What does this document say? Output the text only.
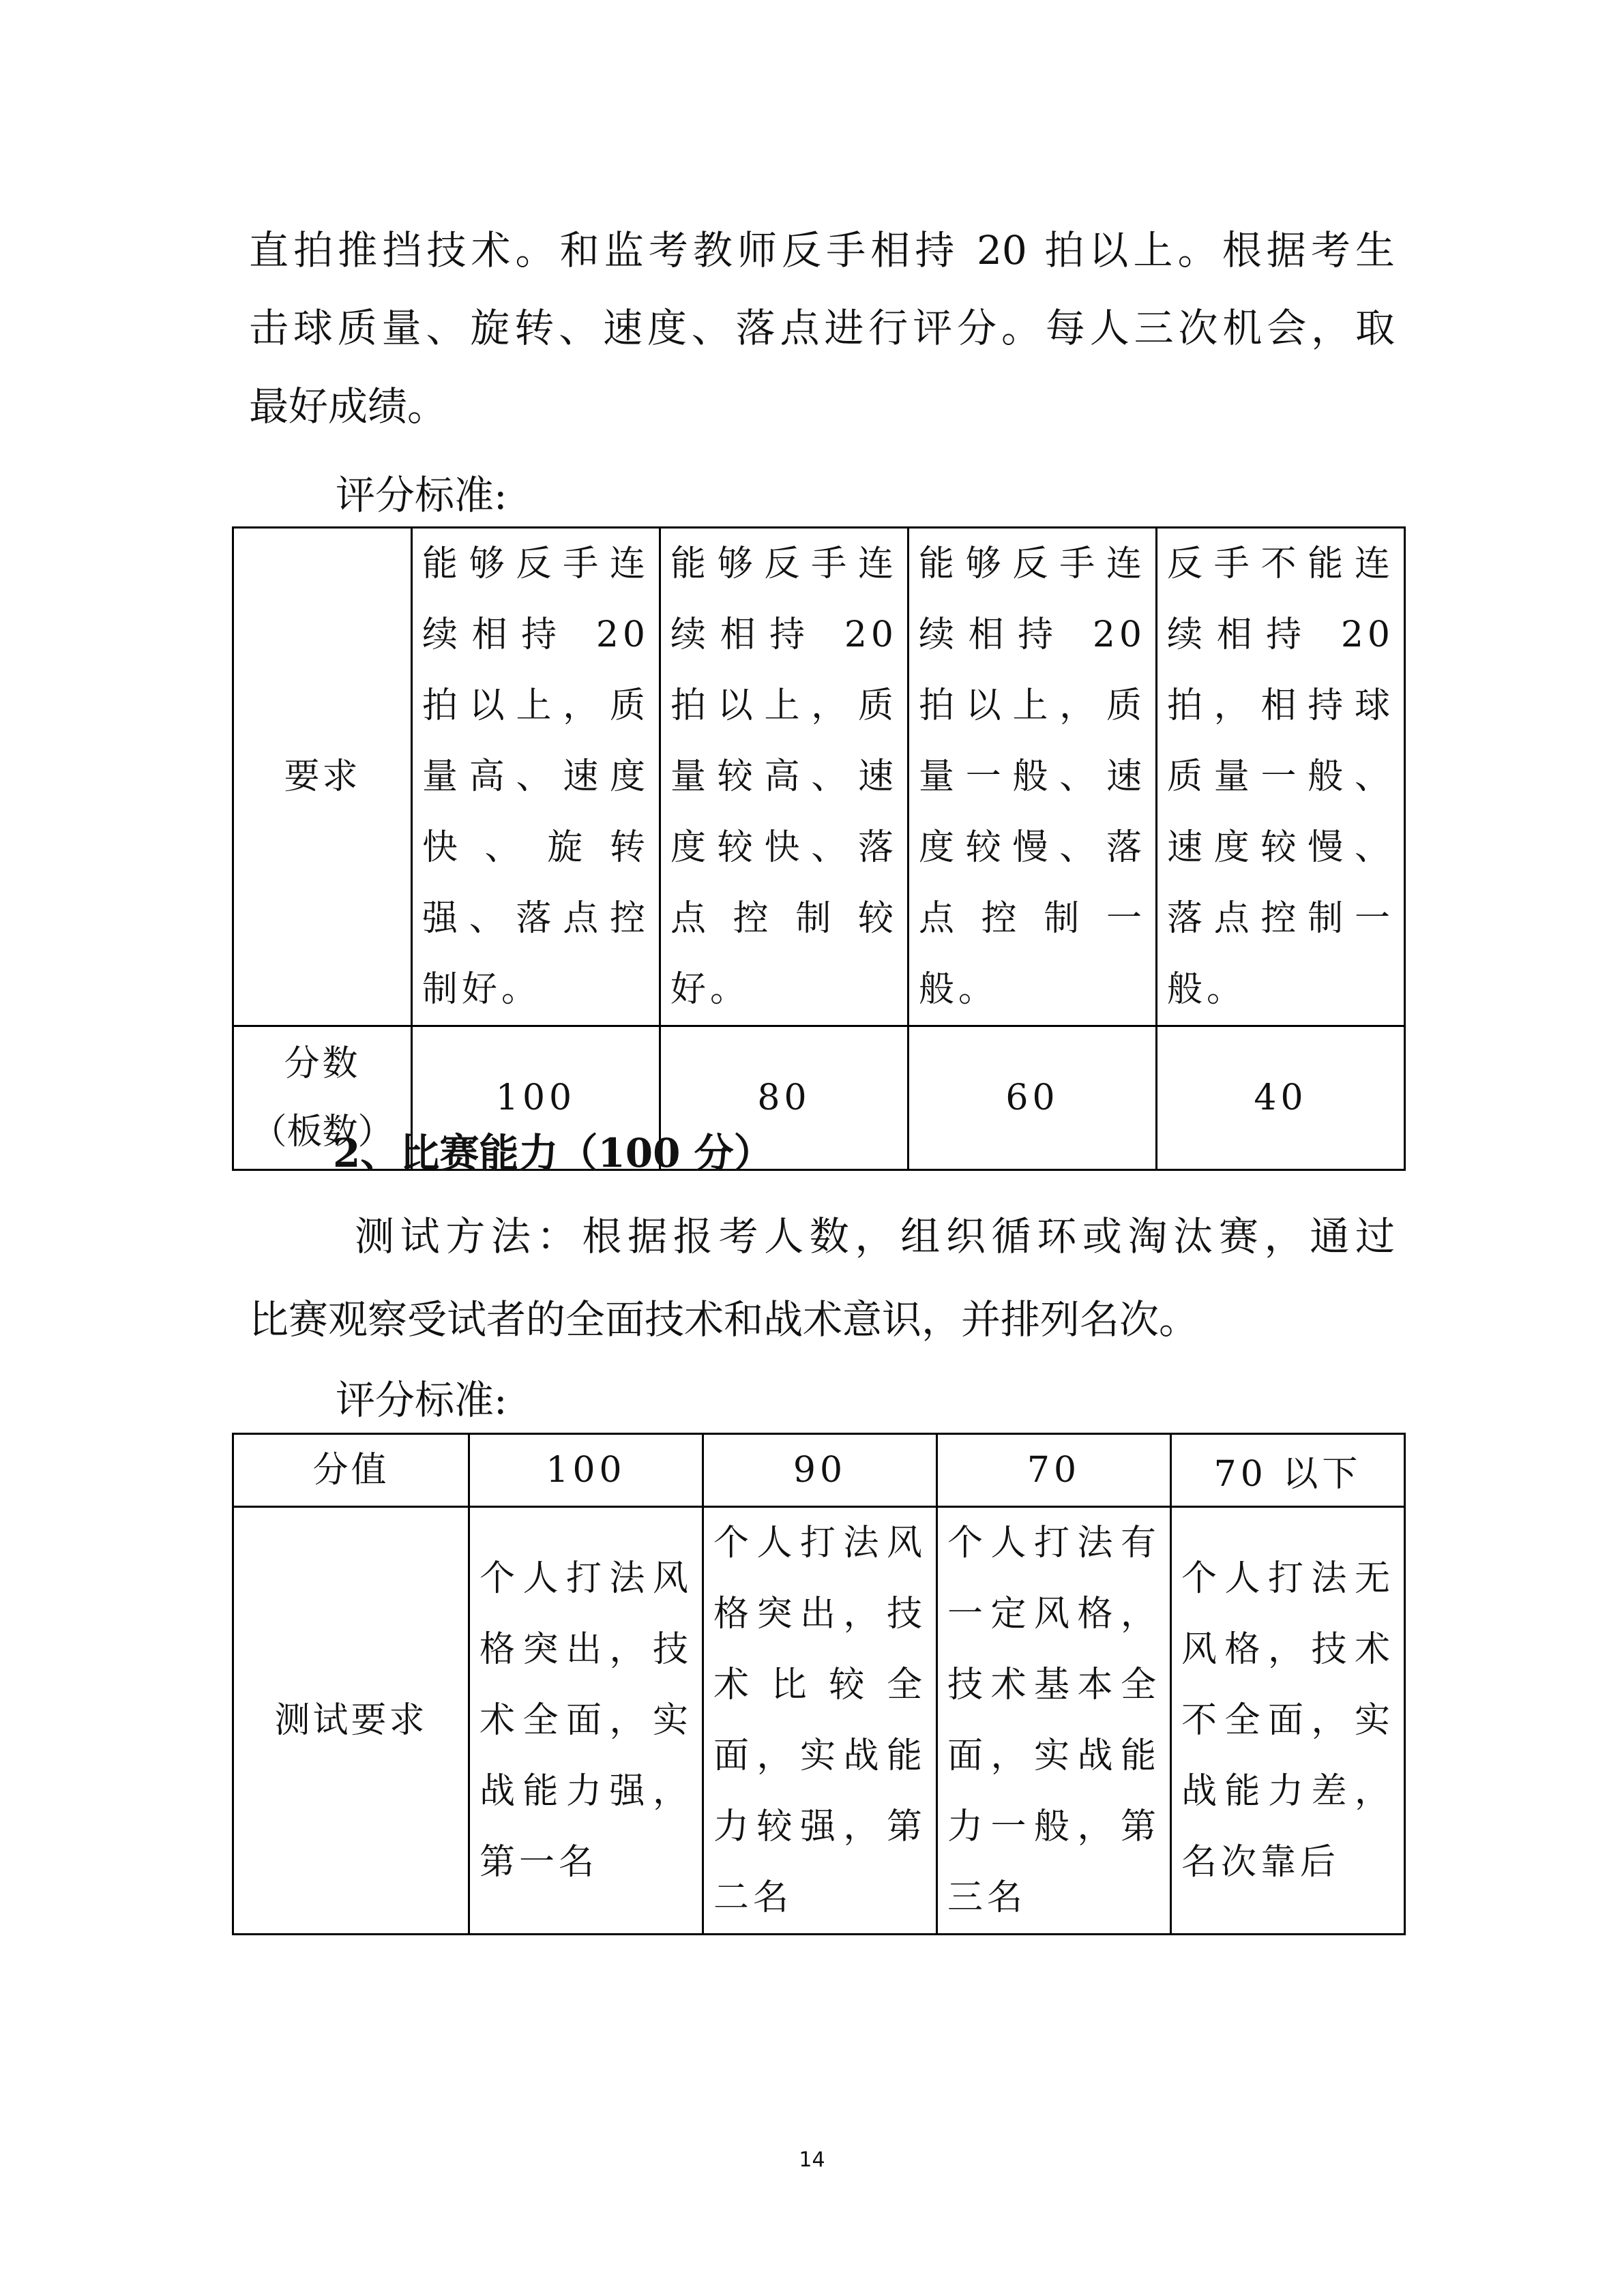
直拍推挡技术。和监考教师反手相持 20 拍以上。根据考生
击球质量、旋转、速度、落点进行评分。每人三次机会，取
最好成绩。
评分标准:
要求	能够反手连续相持 20 拍以上，质量高、速度快、旋转强、落点控制好。	能够反手连续相持 20 拍以上，质量较高、速度较快、落点控制较好。	能够反手连续相持 20 拍以上，质量一般、速度较慢、落点控制一般。	反手不能连续相持 20 拍，相持球质量一般、速度较慢、落点控制一般。

分数
（板数）	100	80	60	40
2、比赛能力（100 分）
测试方法：根据报考人数，组织循环或淘汰赛，通过
比赛观察受试者的全面技术和战术意识，并排列名次。
评分标准:
分值	100	90	70	70 以下
测试要求	个人打法风格突出，技术全面，实战能力强，第一名	个人打法风格突出，技术比较全面，实战能力较强，第二名	个人打法有一定风格，技术基本全面，实战能力一般，第三名	个人打法无风格，技术不全面，实战能力差，名次靠后
14
